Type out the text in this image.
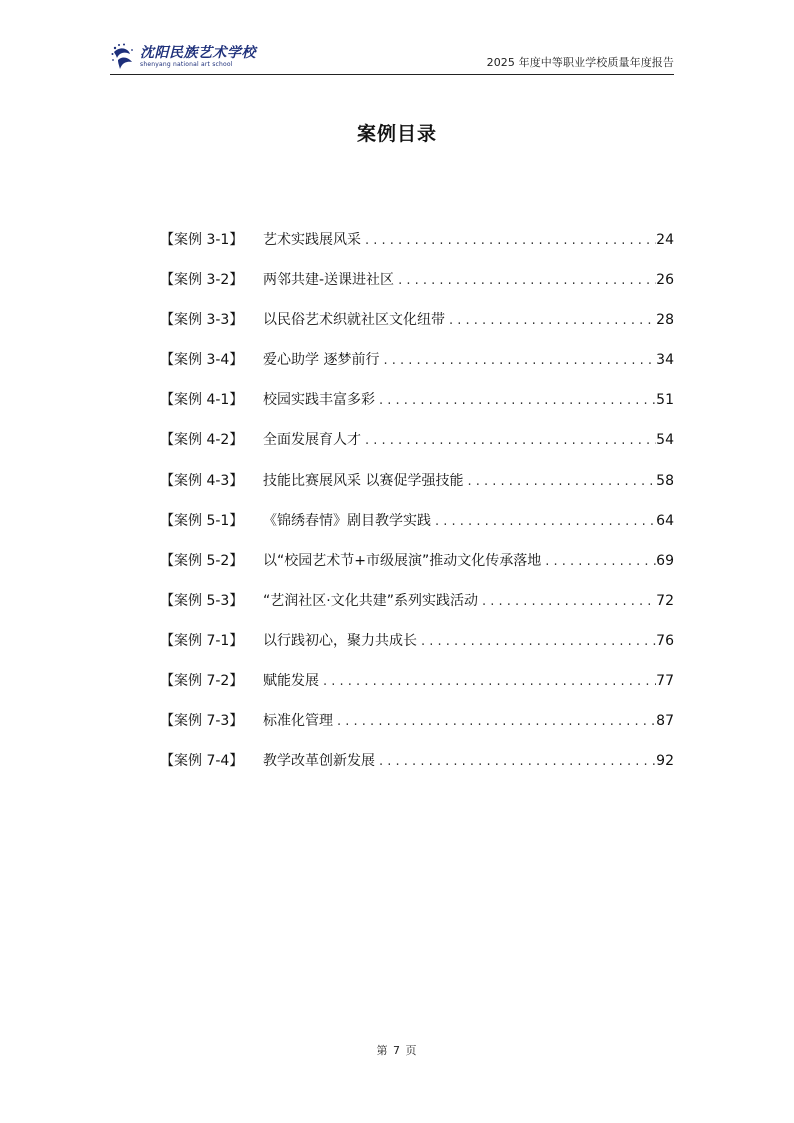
沈阳民族艺术学校
shenyang national art school	2025 年度中等职业学校质量年度报告
案例目录
【案例 3-1】	艺术实践展风采 . . .	24
【案例 3-2】	两邻共建-送课进社区 . . .	26
【案例 3-3】	以民俗艺术织就社区文化纽带 . . .	28
【案例 3-4】	爱心助学 逐梦前行 . . .	34
【案例 4-1】	校园实践丰富多彩 . . .	51
【案例 4-2】	全面发展育人才 . . .	54
【案例 4-3】	技能比赛展风采 以赛促学强技能 . . .	58
【案例 5-1】	《锦绣春情》剧目教学实践 . . .	64
【案例 5-2】	以“校园艺术节+市级展演”推动文化传承落地 . . .	69
【案例 5-3】	“艺润社区·文化共建”系列实践活动 . . .	72
【案例 7-1】	以行践初心，聚力共成长 . . .	76
【案例 7-2】	赋能发展 . . .	77
【案例 7-3】	标准化管理 . . .	87
【案例 7-4】	教学改革创新发展 . . .	92
第 7 页
